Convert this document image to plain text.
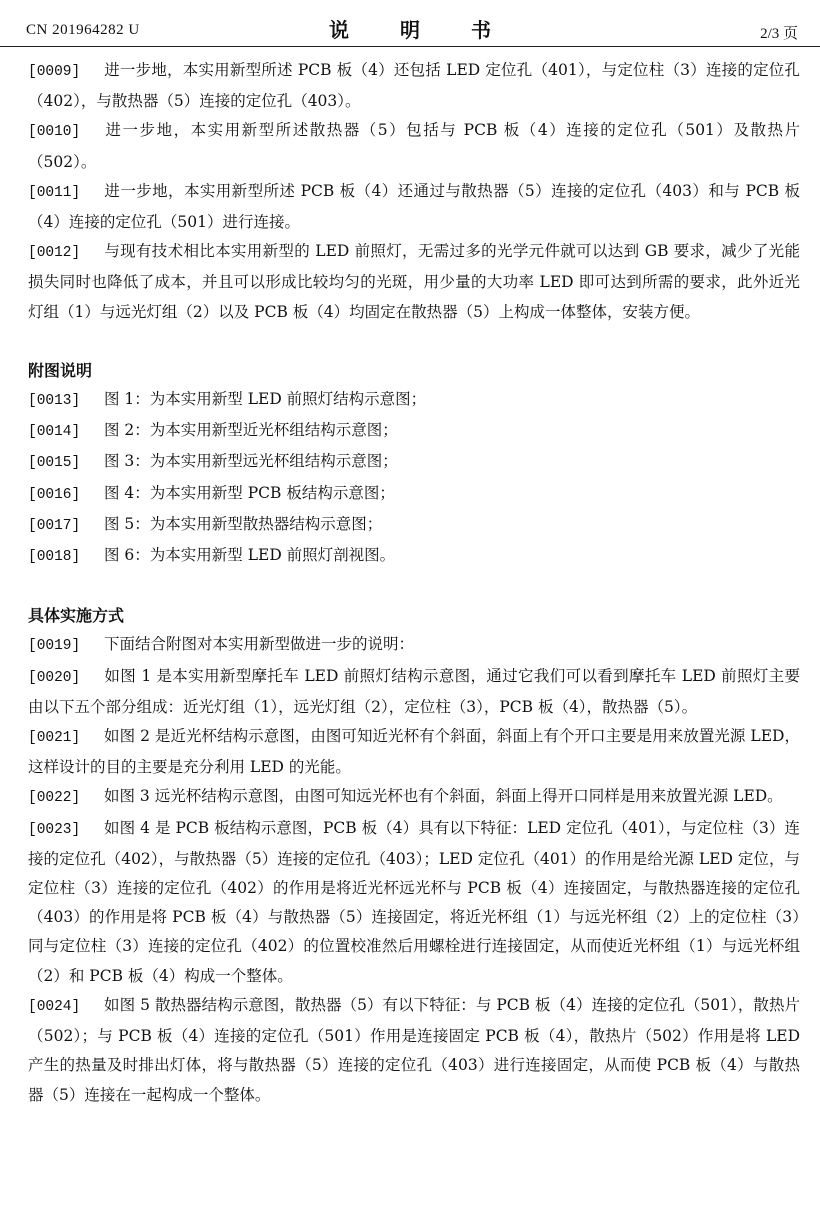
CN 201964282 U	说 明 书	2/3 页

[0009] 进一步地，本实用新型所述 PCB 板（4）还包括 LED 定位孔（401），与定位柱（3）连接的定位孔（402），与散热器（5）连接的定位孔（403）。

[0010] 进一步地，本实用新型所述散热器（5）包括与 PCB 板（4）连接的定位孔（501）及散热片（502）。

[0011] 进一步地，本实用新型所述 PCB 板（4）还通过与散热器（5）连接的定位孔（403）和与 PCB 板（4）连接的定位孔（501）进行连接。

[0012] 与现有技术相比本实用新型的 LED 前照灯，无需过多的光学元件就可以达到 GB 要求，减少了光能损失同时也降低了成本，并且可以形成比较均匀的光斑，用少量的大功率 LED 即可达到所需的要求，此外近光灯组（1）与远光灯组（2）以及 PCB 板（4）均固定在散热器（5）上构成一体整体，安装方便。

附图说明

[0013] 图 1：为本实用新型 LED 前照灯结构示意图；

[0014] 图 2：为本实用新型近光杯组结构示意图；

[0015] 图 3：为本实用新型远光杯组结构示意图；

[0016] 图 4：为本实用新型 PCB 板结构示意图；

[0017] 图 5：为本实用新型散热器结构示意图；

[0018] 图 6：为本实用新型 LED 前照灯剖视图。

具体实施方式

[0019] 下面结合附图对本实用新型做进一步的说明：

[0020] 如图 1 是本实用新型摩托车 LED 前照灯结构示意图，通过它我们可以看到摩托车 LED 前照灯主要由以下五个部分组成：近光灯组（1），远光灯组（2），定位柱（3），PCB 板（4），散热器（5）。

[0021] 如图 2 是近光杯结构示意图，由图可知近光杯有个斜面，斜面上有个开口主要是用来放置光源 LED，这样设计的目的主要是充分利用 LED 的光能。

[0022] 如图 3 远光杯结构示意图，由图可知远光杯也有个斜面，斜面上得开口同样是用来放置光源 LED。

[0023] 如图 4 是 PCB 板结构示意图，PCB 板（4）具有以下特征：LED 定位孔（401），与定位柱（3）连接的定位孔（402），与散热器（5）连接的定位孔（403）；LED 定位孔（401）的作用是给光源 LED 定位，与定位柱（3）连接的定位孔（402）的作用是将近光杯远光杯与 PCB 板（4）连接固定，与散热器连接的定位孔（403）的作用是将 PCB 板（4）与散热器（5）连接固定，将近光杯组（1）与远光杯组（2）上的定位柱（3）同与定位柱（3）连接的定位孔（402）的位置校准然后用螺栓进行连接固定，从而使近光杯组（1）与远光杯组（2）和 PCB 板（4）构成一个整体。

[0024] 如图 5 散热器结构示意图，散热器（5）有以下特征：与 PCB 板（4）连接的定位孔（501），散热片（502）；与 PCB 板（4）连接的定位孔（501）作用是连接固定 PCB 板（4），散热片（502）作用是将 LED 产生的热量及时排出灯体，将与散热器（5）连接的定位孔（403）进行连接固定，从而使 PCB 板（4）与散热器（5）连接在一起构成一个整体。
